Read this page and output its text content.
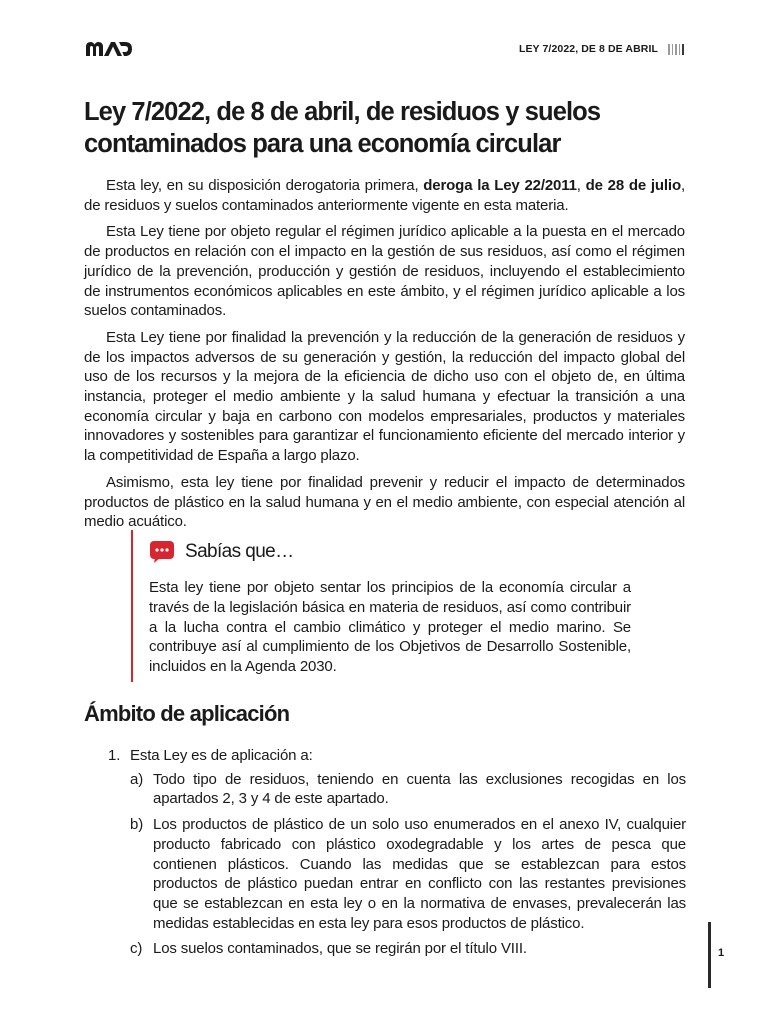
LEY 7/2022, DE 8 DE ABRIL
Ley 7/2022, de 8 de abril, de residuos y suelos contaminados para una economía circular

Esta ley, en su disposición derogatoria primera, deroga la Ley 22/2011, de 28 de julio, de residuos y suelos contaminados anteriormente vigente en esta materia.

Esta Ley tiene por objeto regular el régimen jurídico aplicable a la puesta en el mercado de productos en relación con el impacto en la gestión de sus residuos, así como el régimen jurídico de la prevención, producción y gestión de residuos, incluyendo el establecimiento de instrumentos económicos aplicables en este ámbito, y el régimen jurídico aplicable a los suelos contaminados.

Esta Ley tiene por finalidad la prevención y la reducción de la generación de residuos y de los impactos adversos de su generación y gestión, la reducción del impacto global del uso de los recursos y la mejora de la eficiencia de dicho uso con el objeto de, en última instancia, proteger el medio ambiente y la salud humana y efectuar la transición a una economía circular y baja en carbono con modelos empresariales, productos y materiales innovadores y sostenibles para garantizar el funcionamiento eficiente del mercado interior y la competitividad de España a largo plazo.

Asimismo, esta ley tiene por finalidad prevenir y reducir el impacto de determinados productos de plástico en la salud humana y en el medio ambiente, con especial atención al medio acuático.

Sabías que…
Esta ley tiene por objeto sentar los principios de la economía circular a través de la legislación básica en materia de residuos, así como contribuir a la lucha contra el cambio climático y proteger el medio marino. Se contribuye así al cumplimiento de los Objetivos de Desarrollo Sostenible, incluidos en la Agenda 2030.
Ámbito de aplicación
1. Esta Ley es de aplicación a:
a) Todo tipo de residuos, teniendo en cuenta las exclusiones recogidas en los apartados 2, 3 y 4 de este apartado.
b) Los productos de plástico de un solo uso enumerados en el anexo IV, cualquier producto fabricado con plástico oxodegradable y los artes de pesca que contienen plásticos. Cuando las medidas que se establezcan para estos productos de plástico puedan entrar en conflicto con las restantes previsiones que se establezcan en esta ley o en la normativa de envases, prevalecerán las medidas establecidas en esta ley para esos productos de plástico.
c) Los suelos contaminados, que se regirán por el título VIII.	1
